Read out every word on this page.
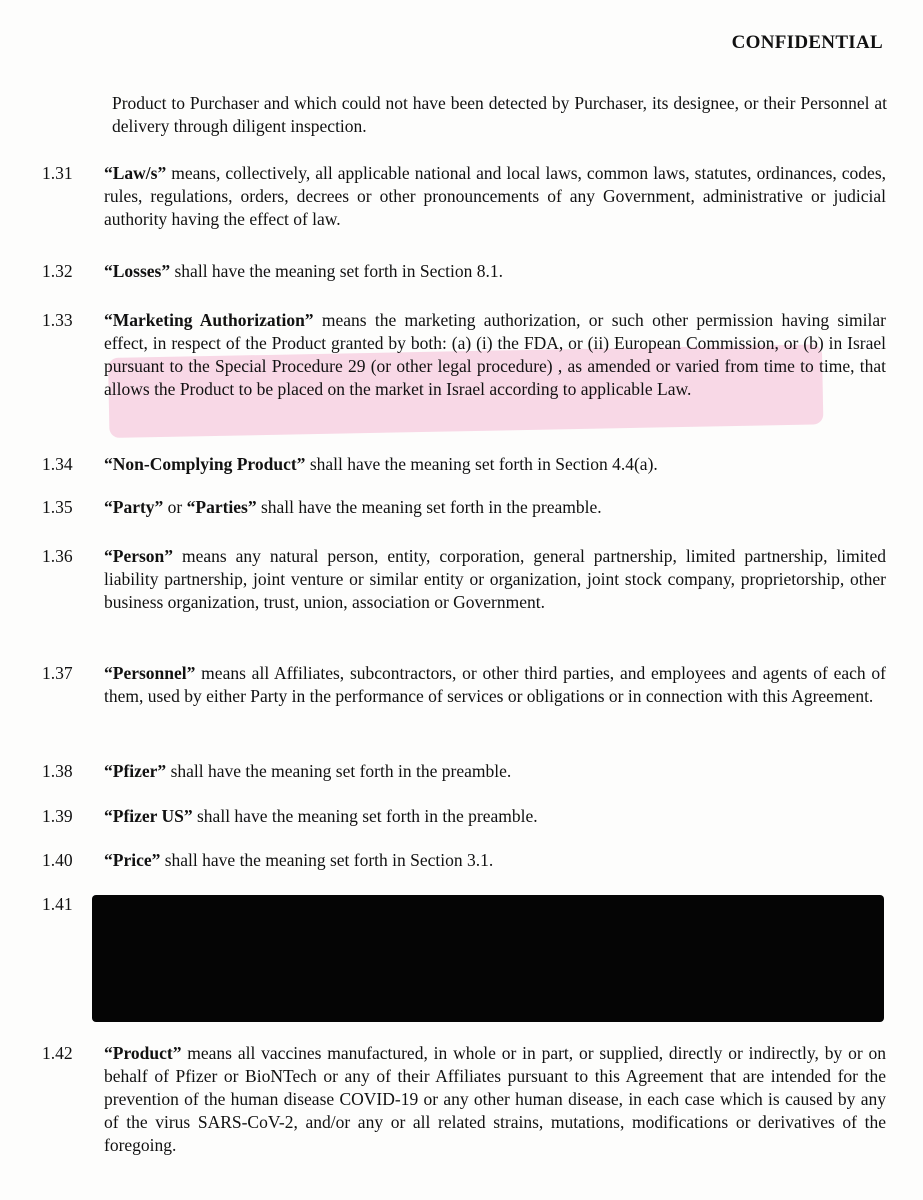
CONFIDENTIAL
Product to Purchaser and which could not have been detected by Purchaser, its designee, or their Personnel at delivery through diligent inspection.
1.31	“Law/s” means, collectively, all applicable national and local laws, common laws, statutes, ordinances, codes, rules, regulations, orders, decrees or other pronouncements of any Government, administrative or judicial authority having the effect of law.
1.32	“Losses” shall have the meaning set forth in Section 8.1.
1.33	“Marketing Authorization” means the marketing authorization, or such other permission having similar effect, in respect of the Product granted by both: (a) (i) the FDA, or (ii) European Commission, or (b) in Israel pursuant to the Special Procedure 29 (or other legal procedure) , as amended or varied from time to time, that allows the Product to be placed on the market in Israel according to applicable Law.
1.34	“Non-Complying Product” shall have the meaning set forth in Section 4.4(a).
1.35	“Party” or “Parties” shall have the meaning set forth in the preamble.
1.36	“Person” means any natural person, entity, corporation, general partnership, limited partnership, limited liability partnership, joint venture or similar entity or organization, joint stock company, proprietorship, other business organization, trust, union, association or Government.
1.37	“Personnel” means all Affiliates, subcontractors, or other third parties, and employees and agents of each of them, used by either Party in the performance of services or obligations or in connection with this Agreement.
1.38	“Pfizer” shall have the meaning set forth in the preamble.
1.39	“Pfizer US” shall have the meaning set forth in the preamble.
1.40	“Price” shall have the meaning set forth in Section 3.1.
1.41
1.42	“Product” means all vaccines manufactured, in whole or in part, or supplied, directly or indirectly, by or on behalf of Pfizer or BioNTech or any of their Affiliates pursuant to this Agreement that are intended for the prevention of the human disease COVID-19 or any other human disease, in each case which is caused by any of the virus SARS-CoV-2, and/or any or all related strains, mutations, modifications or derivatives of the foregoing.
